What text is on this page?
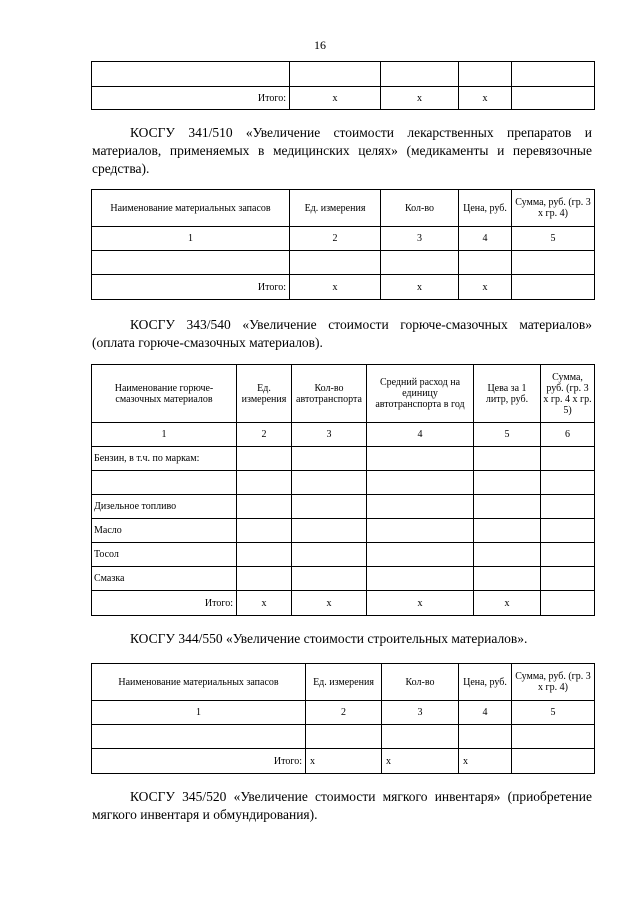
16

Итого:	х	х	х	

КОСГУ 341/510 «Увеличение стоимости лекарственных препаратов и материалов, применяемых в медицинских целях» (медикаменты и перевязочные средства).

Наименование материальных запасов	Ед. измерения	Кол-во	Цена, руб.	Сумма, руб. (гр. 3 х гр. 4)
1	2	3	4	5

Итого:	х	х	х	

КОСГУ 343/540 «Увеличение стоимости горюче-смазочных материалов» (оплата горюче-смазочных материалов).

Наименование горюче-смазочных материалов	Ед. измерения	Кол-во автотранспорта	Средний расход на единицу автотранспорта в год	Цева за 1 литр, руб.	Сумма, руб. (гр. 3 х гр. 4 х гр. 5)
1	2	3	4	5	6
Бензин, в т.ч. по маркам:					

Дизельное топливо					
Масло					
Тосол					
Смазка					
Итого:	х	х	х	х	

КОСГУ 344/550 «Увеличение стоимости строительных материалов».

Наименование материальных запасов	Ед. измерения	Кол-во	Цена, руб.	Сумма, руб. (гр. 3 х гр. 4)
1	2	3	4	5

Итого:	х	х	х	

КОСГУ 345/520 «Увеличение стоимости мягкого инвентаря» (приобретение мягкого инвентаря и обмундирования).
